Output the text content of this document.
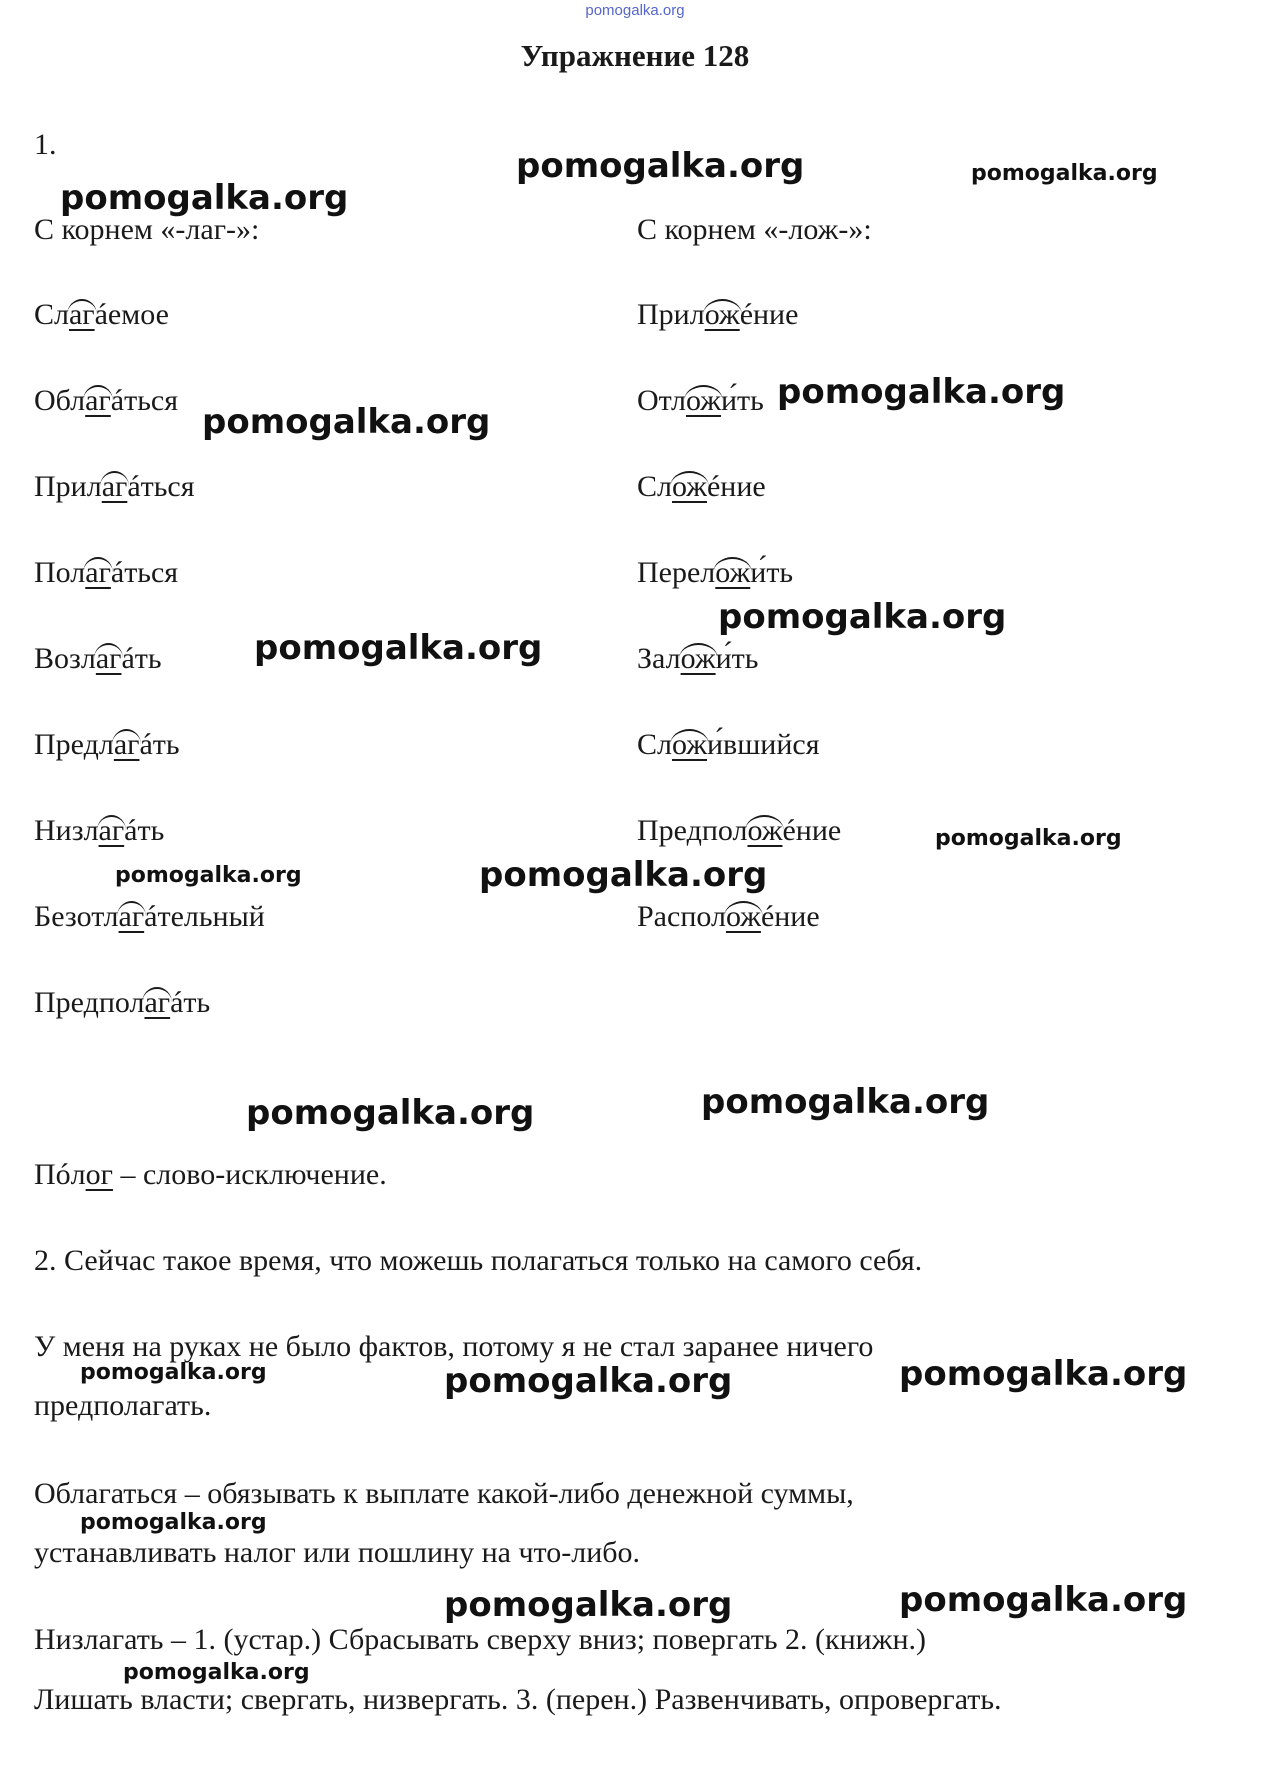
pomogalka.org
Упражнение 128
1.
С корнем «-лаг-»:
Слагáемое
Облагáться
Прилагáться
Полагáться
Возлагáть
Предлагáть
Низлагáть
Безотлагáтельный
Предполагáть
С корнем «-лож-»:
Приложéние
Отложи́ть
Сложéние
Переложи́ть
Заложи́ть
Сложи́вшийся
Предположéние
Расположéние
Пóлог – слово-исключение.
2. Сейчас такое время, что можешь полагаться только на самого себя.
У меня на руках не было фактов, потому я не стал заранее ничего
предполагать.
Облагаться – обязывать к выплате какой-либо денежной суммы,
устанавливать налог или пошлину на что-либо.
Низлагать – 1. (устар.) Сбрасывать сверху вниз; повергать 2. (книжн.)
Лишать власти; свергать, низвергать. 3. (перен.) Развенчивать, опровергать.
pomogalka.org	pomogalka.org
pomogalka.org
pomogalka.org
pomogalka.org
pomogalka.org
pomogalka.org
pomogalka.org
pomogalka.org
pomogalka.org
pomogalka.org
pomogalka.org
pomogalka.org	pomogalka.org
pomogalka.org
pomogalka.org
pomogalka.org
pomogalka.org
pomogalka.org
